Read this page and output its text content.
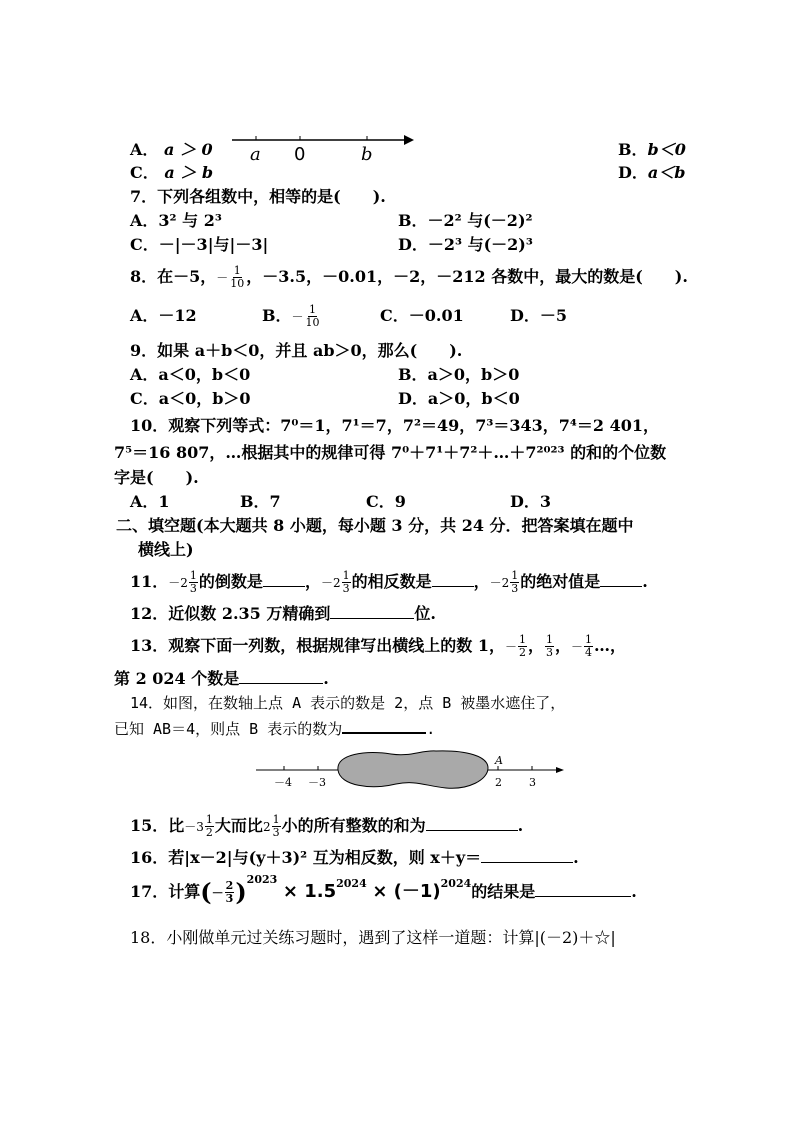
A． a ＞ 0 a 0	b	B．b＜0
C． a ＞ b	D．a＜b
7．下列各组数中，相等的是(　　).
A．3² 与 2³	B．－2² 与(－2)²
C．－|－3|与|－3|	D．－2³ 与(－2)³
8．在－5，－ $\frac{1}{10}$ ，－3.5，－0.01，－2，－212 各数中，最大的数是(　　).
A．－12	B．－ $\frac{1}{10}$	C．－0.01	D．－5
9．如果 a＋b＜0，并且 ab＞0，那么(　　).
A．a＜0，b＜0	B．a＞0，b＞0
C．a＜0，b＞0	D．a＞0，b＜0
10．观察下列等式：7⁰＝1，7¹＝7，7²＝49，7³＝343，7⁴＝2 401，
7⁵＝16 807，…根据其中的规律可得 7⁰＋7¹＋7²＋…＋7²⁰²³ 的和的个位数
字是(　　).
A．1	B．7	C．9	D．3
二、填空题(本大题共 8 小题，每小题 3 分，共 24 分．把答案填在题中
横线上)
11． $-2 \frac{1}{3}$ 的倒数是	， $-2 \frac{1}{3}$ 的相反数是	， $-2 \frac{1}{3}$ 的绝对值是	.
12．近似数 2.35 万精确到	位.
13．观察下面一列数，根据规律写出横线上的数 1，－ $\frac{1}{2}$ ， $\frac{1}{3}$ ，－ $\frac{1}{4}$ …，
第 2 024 个数是	.
14．如图，在数轴上点 A 表示的数是 2，点 B 被墨水遮住了，
已知 AB＝4，则点 B 表示的数为	.
－4 －3
A
2 3
15．比 $-3 \frac{1}{2}$ 大而比 $2 \frac{1}{3}$ 小的所有整数的和为	.
16．若|x－2|与(y＋3)² 互为相反数，则 x＋y＝	.
17．计算(－ $\frac{2}{3} )^{2023} \times 1.5^{2024} \times (-1)^{2024}$的结果是	.
18．小刚做单元过关练习题时，遇到了这样一道题：计算|(－2)＋☆|
